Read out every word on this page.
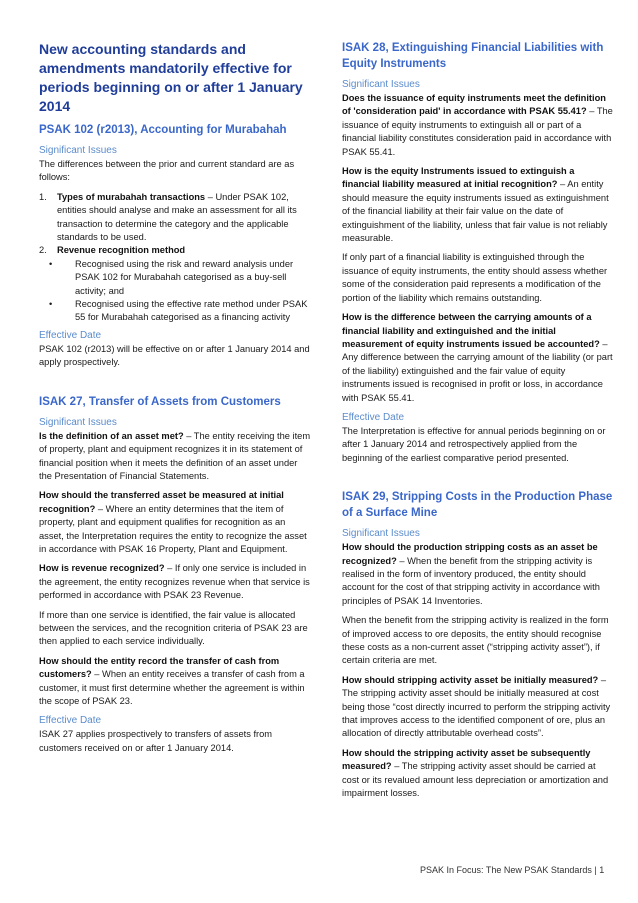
New accounting standards and amendments mandatorily effective for periods beginning on or after 1 January 2014
PSAK 102 (r2013), Accounting for Murabahah
Significant Issues

The differences between the prior and current standard are as follows:

1.	Types of murabahah transactions – Under PSAK 102, entities should analyse and make an assessment for all its transaction to determine the category and the applicable standards to be used.
2.	Revenue recognition method
•	Recognised using the risk and reward analysis under PSAK 102 for Murabahah categorised as a buy-sell activity; and
•	Recognised using the effective rate method under PSAK 55 for Murabahah categorised as a financing activity
Effective Date

PSAK 102 (r2013) will be effective on or after 1 January 2014 and apply prospectively.

ISAK 27, Transfer of Assets from Customers
Significant Issues

Is the definition of an asset met? – The entity receiving the item of property, plant and equipment recognizes it in its statement of financial position when it meets the definition of an asset under the Presentation of Financial Statements.

How should the transferred asset be measured at initial recognition? – Where an entity determines that the item of property, plant and equipment qualifies for recognition as an asset, the Interpretation requires the entity to recognize the asset in accordance with PSAK 16 Property, Plant and Equipment.

How is revenue recognized? – If only one service is included in the agreement, the entity recognizes revenue when that service is performed in accordance with PSAK 23 Revenue.

If more than one service is identified, the fair value is allocated between the services, and the recognition criteria of PSAK 23 are then applied to each service individually.

How should the entity record the transfer of cash from customers? – When an entity receives a transfer of cash from a customer, it must first determine whether the agreement is within the scope of PSAK 23.

Effective Date

ISAK 27 applies prospectively to transfers of assets from customers received on or after 1 January 2014.

ISAK 28, Extinguishing Financial Liabilities with Equity Instruments
Significant Issues

Does the issuance of equity instruments meet the definition of 'consideration paid' in accordance with PSAK 55.41? – The issuance of equity instruments to extinguish all or part of a financial liability constitutes consideration paid in accordance with PSAK 55.41.

How is the equity Instruments issued to extinguish a financial liability measured at initial recognition? – An entity should measure the equity instruments issued as extinguishment of the financial liability at their fair value on the date of extinguishment of the liability, unless that fair value is not reliably measurable.

If only part of a financial liability is extinguished through the issuance of equity instruments, the entity should assess whether some of the consideration paid represents a modification of the portion of the liability which remains outstanding.

How is the difference between the carrying amounts of a financial liability and extinguished and the initial measurement of equity instruments issued be accounted? – Any difference between the carrying amount of the liability (or part of the liability) extinguished and the fair value of equity instruments issued is recognised in profit or loss, in accordance with PSAK 55.41.

Effective Date

The Interpretation is effective for annual periods beginning on or after 1 January 2014 and retrospectively applied from the beginning of the earliest comparative period presented.

ISAK 29, Stripping Costs in the Production Phase of a Surface Mine
Significant Issues

How should the production stripping costs as an asset be recognized? – When the benefit from the stripping activity is realised in the form of inventory produced, the entity should account for the cost of that stripping activity in accordance with principles of PSAK 14 Inventories.

When the benefit from the stripping activity is realized in the form of improved access to ore deposits, the entity should recognise these costs as a non-current asset (“stripping activity asset”), if certain criteria are met.

How should stripping activity asset be initially measured? – The stripping activity asset should be initially measured at cost being those “cost directly incurred to perform the stripping activity that improves access to the identified component of ore, plus an allocation of directly attributable overhead costs”.

How should the stripping activity asset be subsequently measured? – The stripping activity asset should be carried at cost or its revalued amount less depreciation or amortization and impairment losses.

PSAK In Focus: The New PSAK Standards | 1
